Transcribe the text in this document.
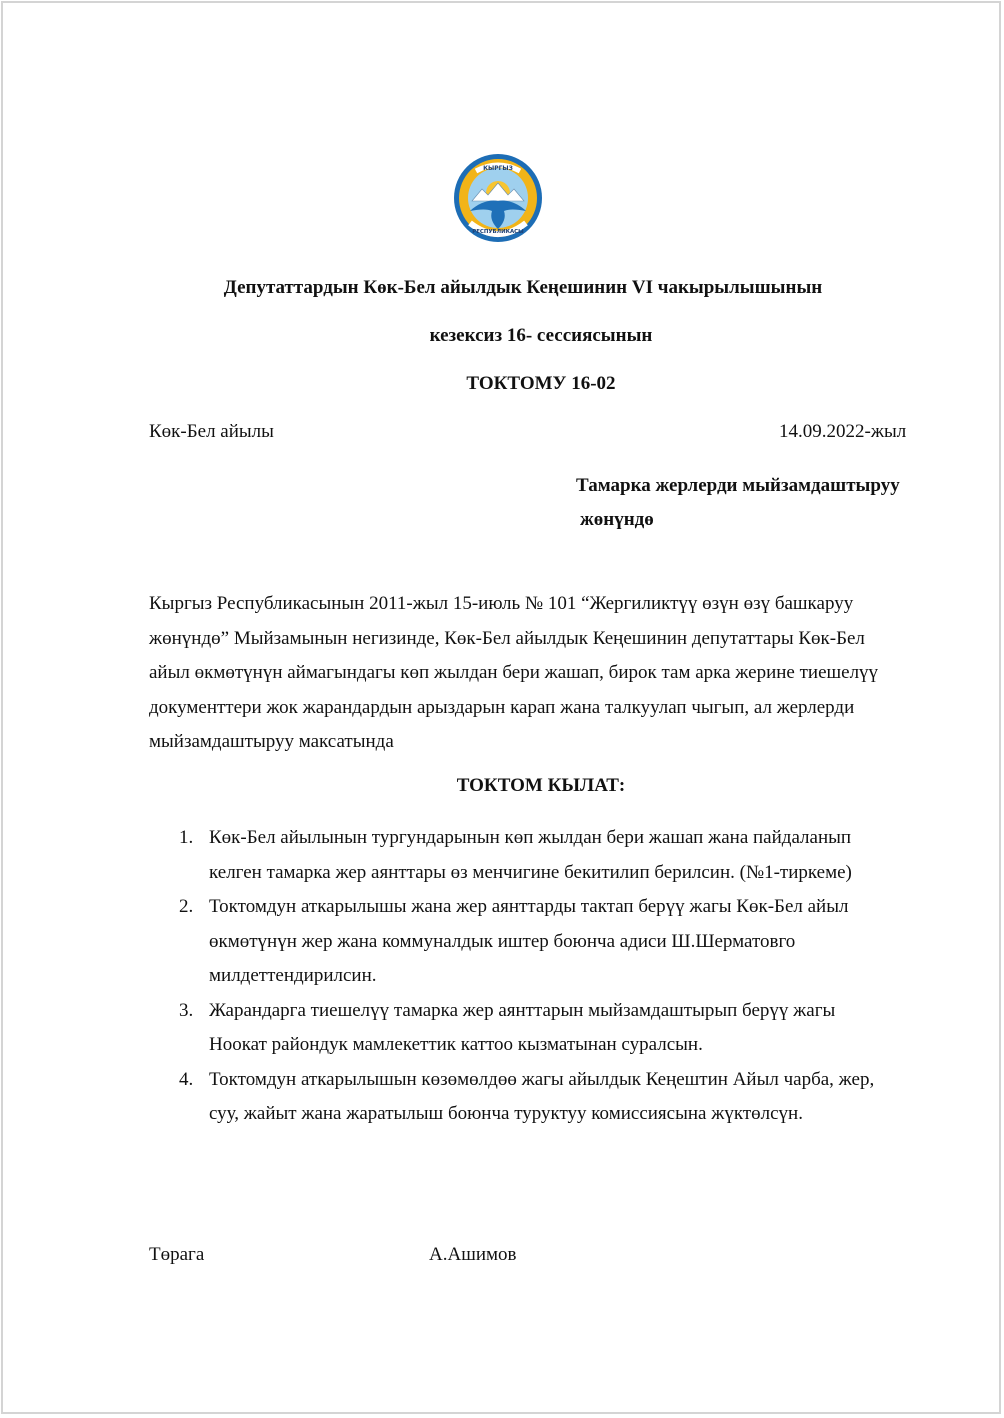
КЫРГЫЗ
РЕСПУБЛИКАСЫ
Депутаттардын Көк-Бел айылдык Кеңешинин VI чакырылышынын
кезексиз 16- сессиясынын
ТОКТОМУ 16-02
Көк-Бел айылы	14.09.2022-жыл
Тамарка жерлерди мыйзамдаштыруу
жөнүндө
Кыргыз Республикасынын 2011-жыл 15-июль № 101 “Жергиликтүү өзүн өзү башкаруу
жөнүндө” Мыйзамынын негизинде, Көк-Бел айылдык Кеңешинин депутаттары Көк-Бел
айыл өкмөтүнүн аймагындагы көп жылдан бери жашап, бирок там арка жерине тиешелүү
документтери жок жарандардын арыздарын карап жана талкуулап чыгып, ал жерлерди
мыйзамдаштыруу максатында
ТОКТОМ КЫЛАТ:
1. Көк-Бел айылынын тургундарынын көп жылдан бери жашап жана пайдаланып
келген тамарка жер аянттары өз менчигине бекитилип берилсин. (№1-тиркеме)
2. Токтомдун аткарылышы жана жер аянттарды тактап берүү жагы Көк-Бел айыл
өкмөтүнүн жер жана коммуналдык иштер боюнча адиси Ш.Шерматовго
милдеттендирилсин.
3. Жарандарга тиешелүү тамарка жер аянттарын мыйзамдаштырып берүү жагы
Ноокат райондук мамлекеттик каттоо кызматынан суралсын.
4. Токтомдун аткарылышын көзөмөлдөө жагы айылдык Кеңештин Айыл чарба, жер,
суу, жайыт жана жаратылыш боюнча туруктуу комиссиясына жүктөлсүн.
Төрага	А.Ашимов
